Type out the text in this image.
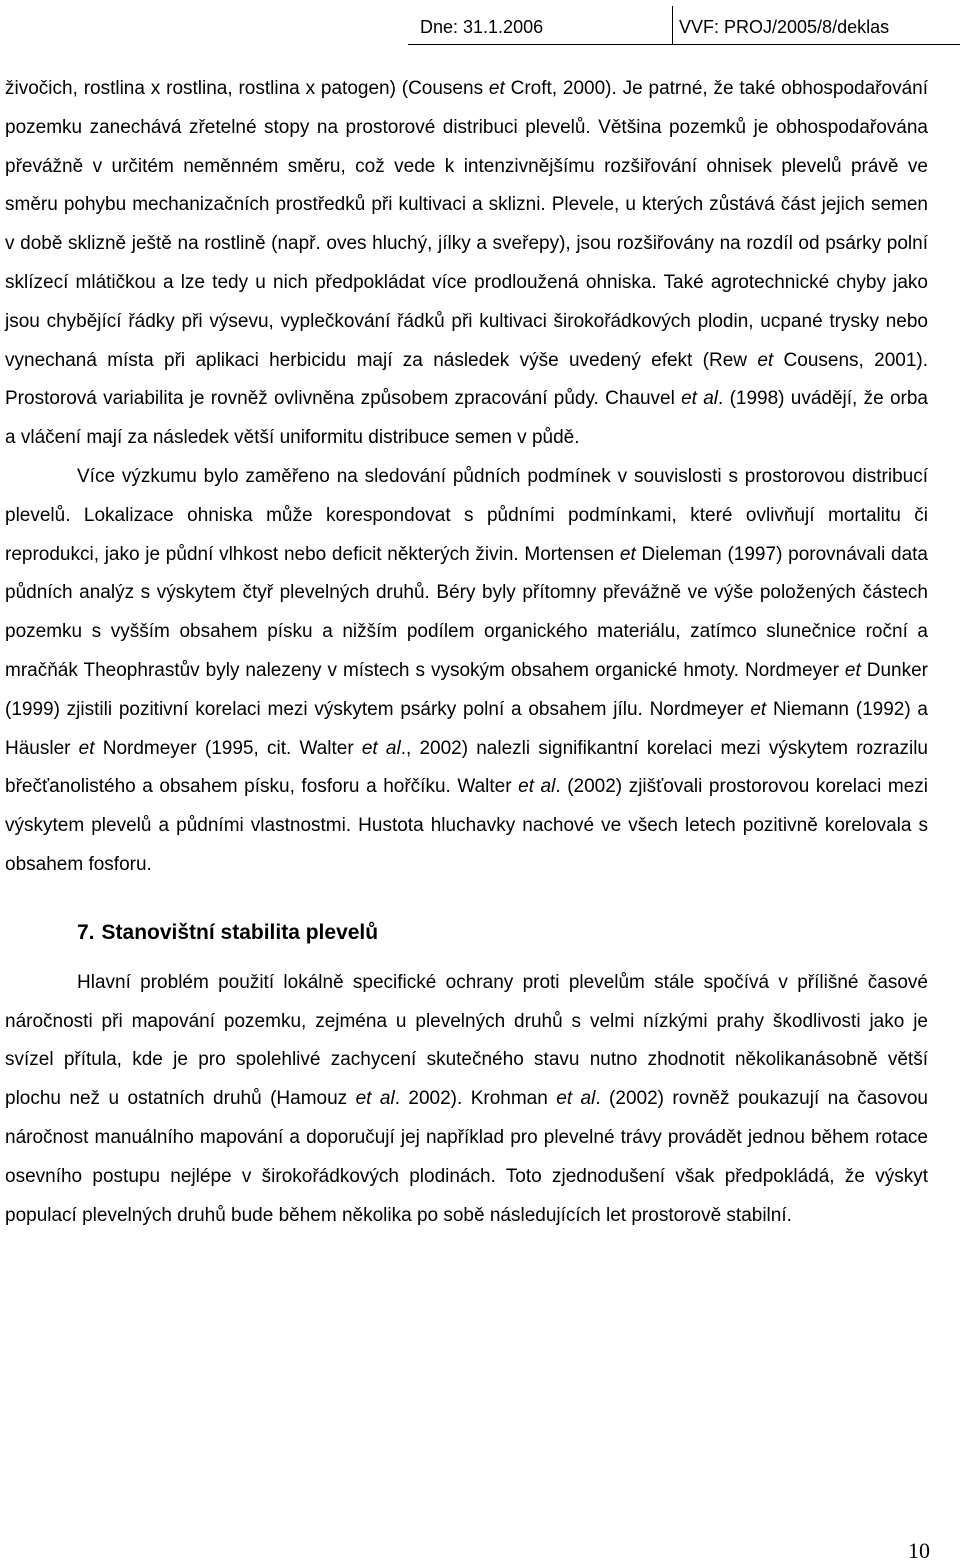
Dne: 31.1.2006	VVF: PROJ/2005/8/deklas

živočich, rostlina x rostlina, rostlina x patogen) (Cousens et Croft, 2000). Je patrné, že také obhospodařování pozemku zanechává zřetelné stopy na prostorové distribuci plevelů. Většina pozemků je obhospodařována převážně v určitém neměnném směru, což vede k intenzivnějšímu rozšiřování ohnisek plevelů právě ve směru pohybu mechanizačních prostředků při kultivaci a sklizni. Plevele, u kterých zůstává část jejich semen v době sklizně ještě na rostlině (např. oves hluchý, jílky a sveřepy), jsou rozšiřovány na rozdíl od psárky polní sklízecí mlátičkou a lze tedy u nich předpokládat více prodloužená ohniska. Také agrotechnické chyby jako jsou chybějící řádky při výsevu, vyplečkování řádků při kultivaci širokořádkových plodin, ucpané trysky nebo vynechaná místa při aplikaci herbicidu mají za následek výše uvedený efekt (Rew et Cousens, 2001). Prostorová variabilita je rovněž ovlivněna způsobem zpracování půdy. Chauvel et al. (1998) uvádějí, že orba a vláčení mají za následek větší uniformitu distribuce semen v půdě.

Více výzkumu bylo zaměřeno na sledování půdních podmínek v souvislosti s prostorovou distribucí plevelů. Lokalizace ohniska může korespondovat s půdními podmínkami, které ovlivňují mortalitu či reprodukci, jako je půdní vlhkost nebo deficit některých živin. Mortensen et Dieleman (1997) porovnávali data půdních analýz s výskytem čtyř plevelných druhů. Béry byly přítomny převážně ve výše položených částech pozemku s vyšším obsahem písku a nižším podílem organického materiálu, zatímco slunečnice roční a mračňák Theophrastův byly nalezeny v místech s vysokým obsahem organické hmoty. Nordmeyer et Dunker (1999) zjistili pozitivní korelaci mezi výskytem psárky polní a obsahem jílu. Nordmeyer et Niemann (1992) a Häusler et Nordmeyer (1995, cit. Walter et al., 2002) nalezli signifikantní korelaci mezi výskytem rozrazilu břečťanolistého a obsahem písku, fosforu a hořčíku. Walter et al. (2002) zjišťovali prostorovou korelaci mezi výskytem plevelů a půdními vlastnostmi. Hustota hluchavky nachové ve všech letech pozitivně korelovala s obsahem fosforu.

7. Stanovištní stabilita plevelů

Hlavní problém použití lokálně specifické ochrany proti plevelům stále spočívá v přílišné časové náročnosti při mapování pozemku, zejména u plevelných druhů s velmi nízkými prahy škodlivosti jako je svízel přítula, kde je pro spolehlivé zachycení skutečného stavu nutno zhodnotit několikanásobně větší plochu než u ostatních druhů (Hamouz et al. 2002). Krohman et al. (2002) rovněž poukazují na časovou náročnost manuálního mapování a doporučují jej například pro plevelné trávy provádět jednou během rotace osevního postupu nejlépe v širokořádkových plodinách. Toto zjednodušení však předpokládá, že výskyt populací plevelných druhů bude během několika po sobě následujících let prostorově stabilní.

10
